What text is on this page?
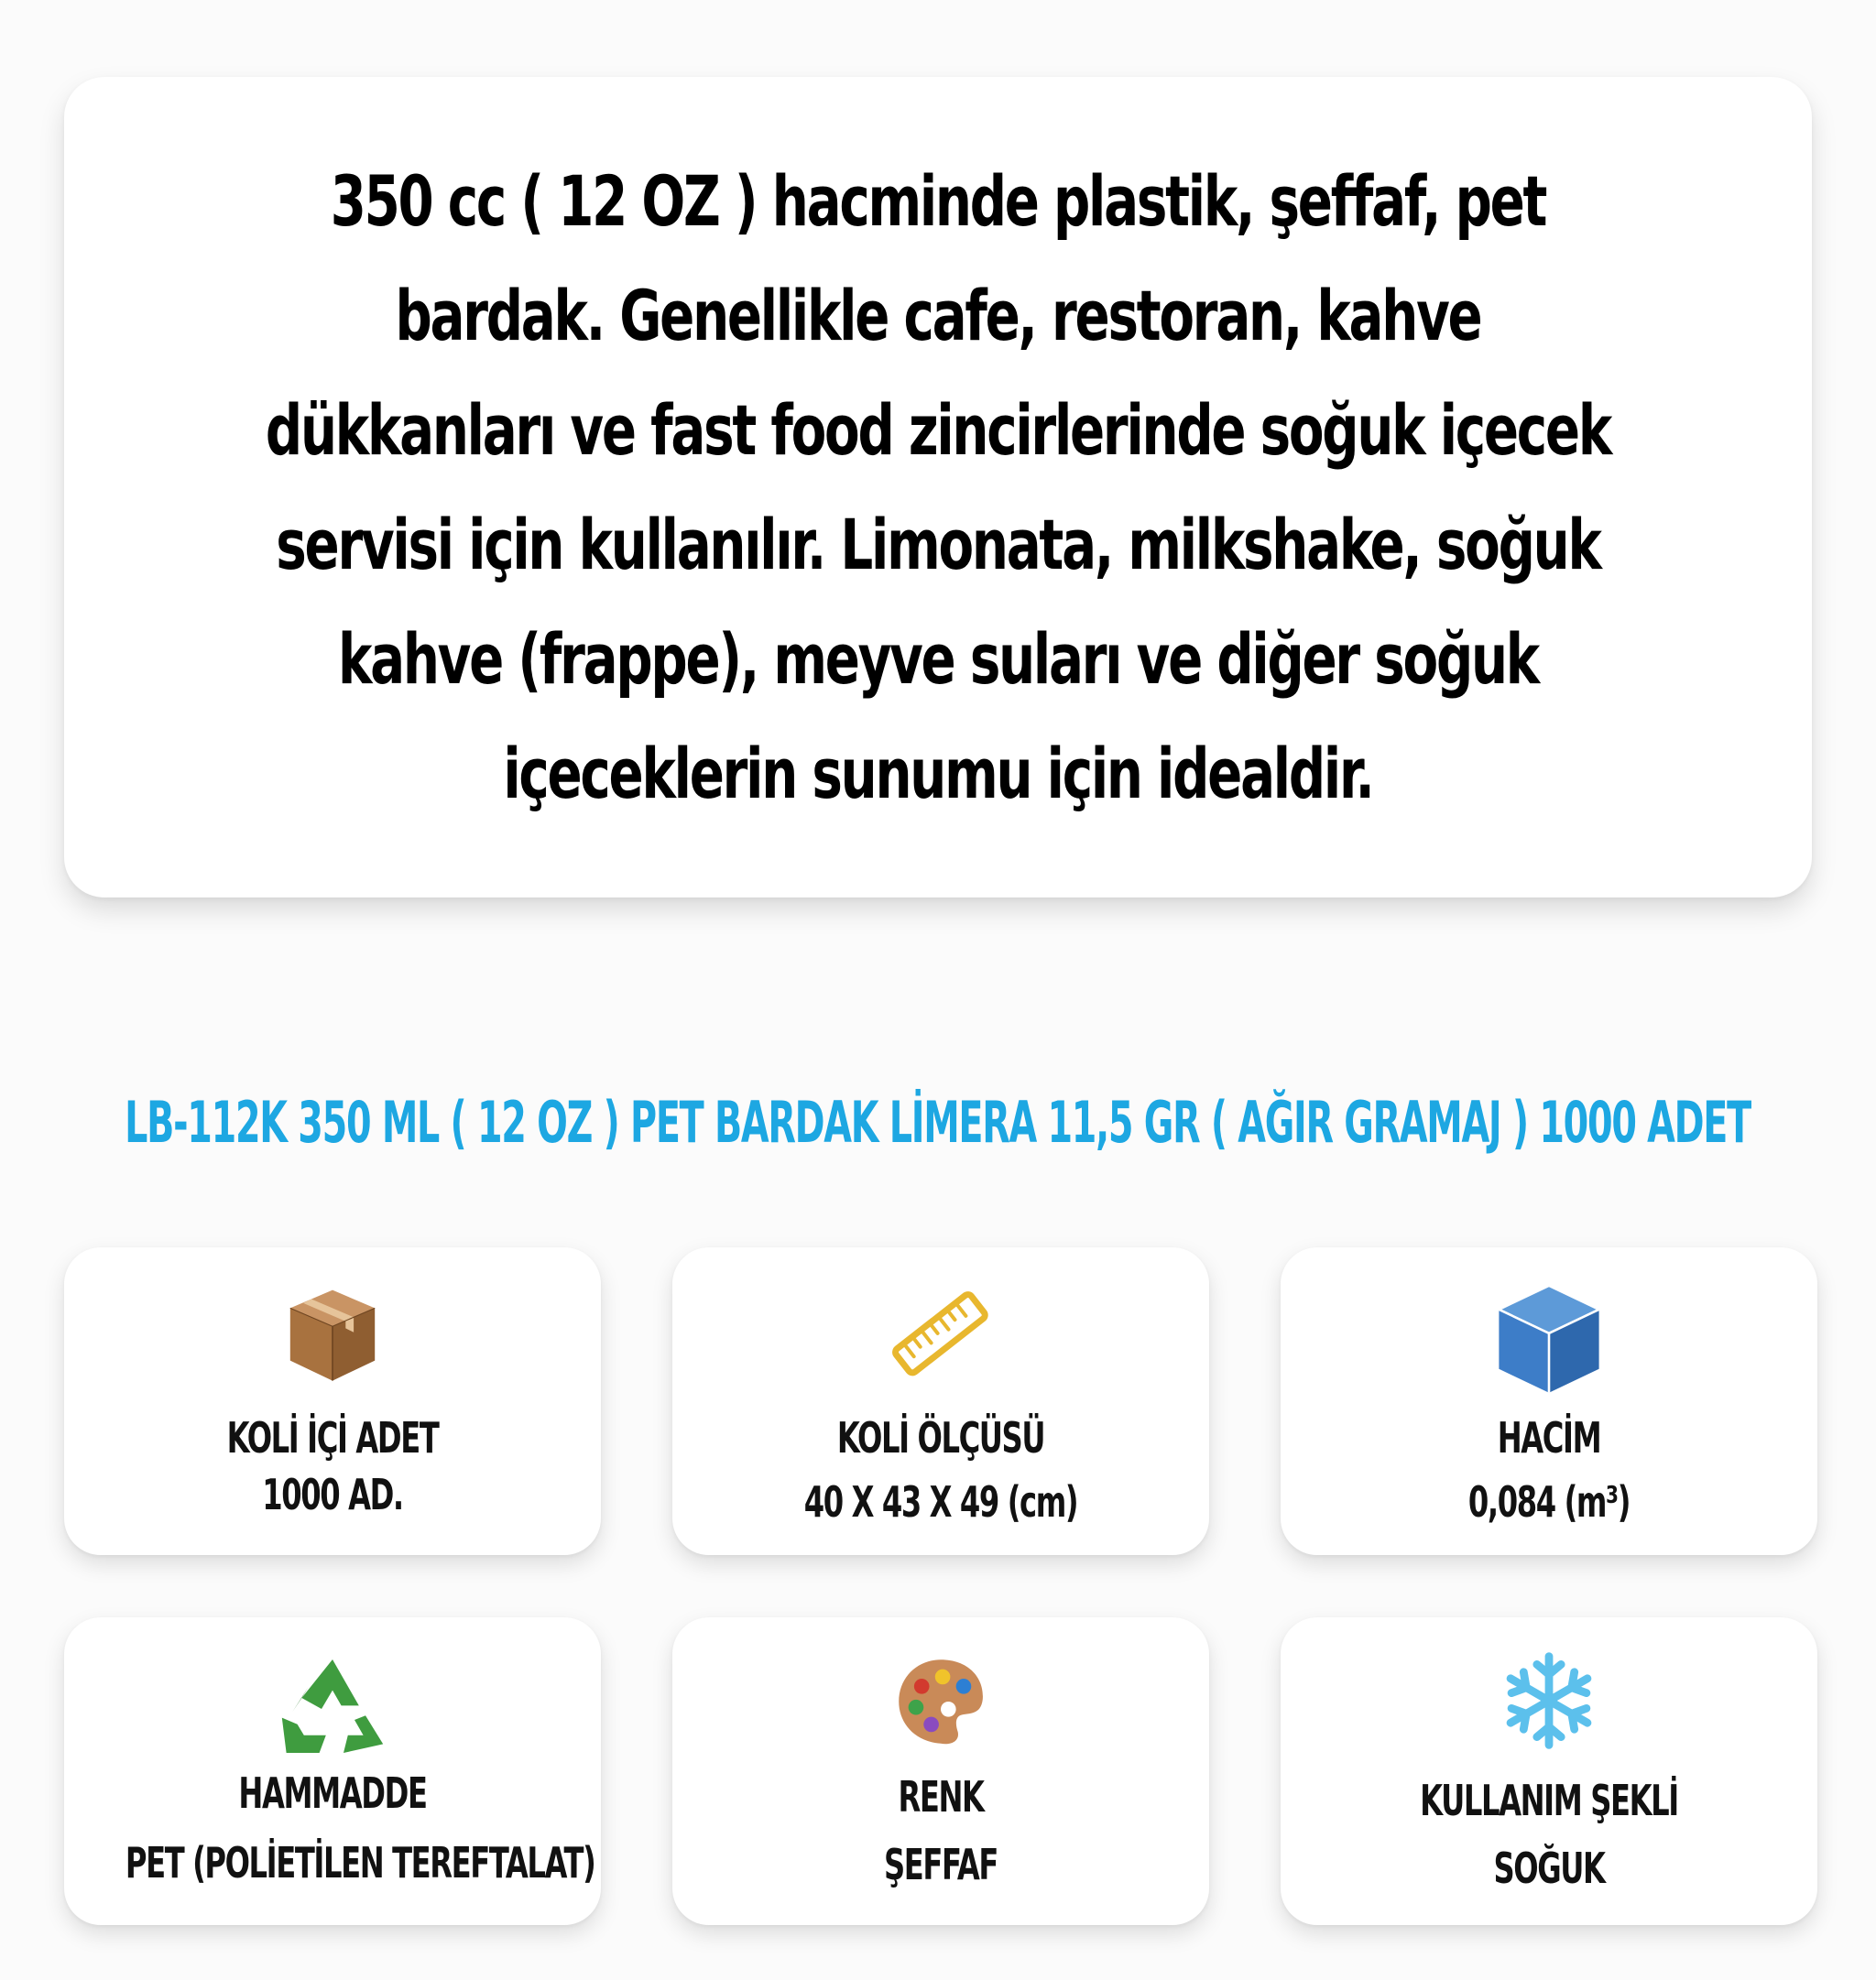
350 cc ( 12 OZ ) hacminde plastik, şeffaf, pet
bardak. Genellikle cafe, restoran, kahve
dükkanları ve fast food zincirlerinde soğuk içecek
servisi için kullanılır. Limonata, milkshake, soğuk
kahve (frappe), meyve suları ve diğer soğuk
içeceklerin sunumu için idealdir.

LB-112K 350 ML ( 12 OZ ) PET BARDAK LİMERA 11,5 GR ( AĞIR GRAMAJ ) 1000 ADET
KOLİ İÇİ ADET
1000 AD.
KOLİ ÖLÇÜSÜ
40 X 43 X 49 (cm)
HACİM
0,084 (m³)
HAMMADDE
PET (POLİETİLEN TEREFTALAT)
RENK
ŞEFFAF
KULLANIM ŞEKLİ
SOĞUK
